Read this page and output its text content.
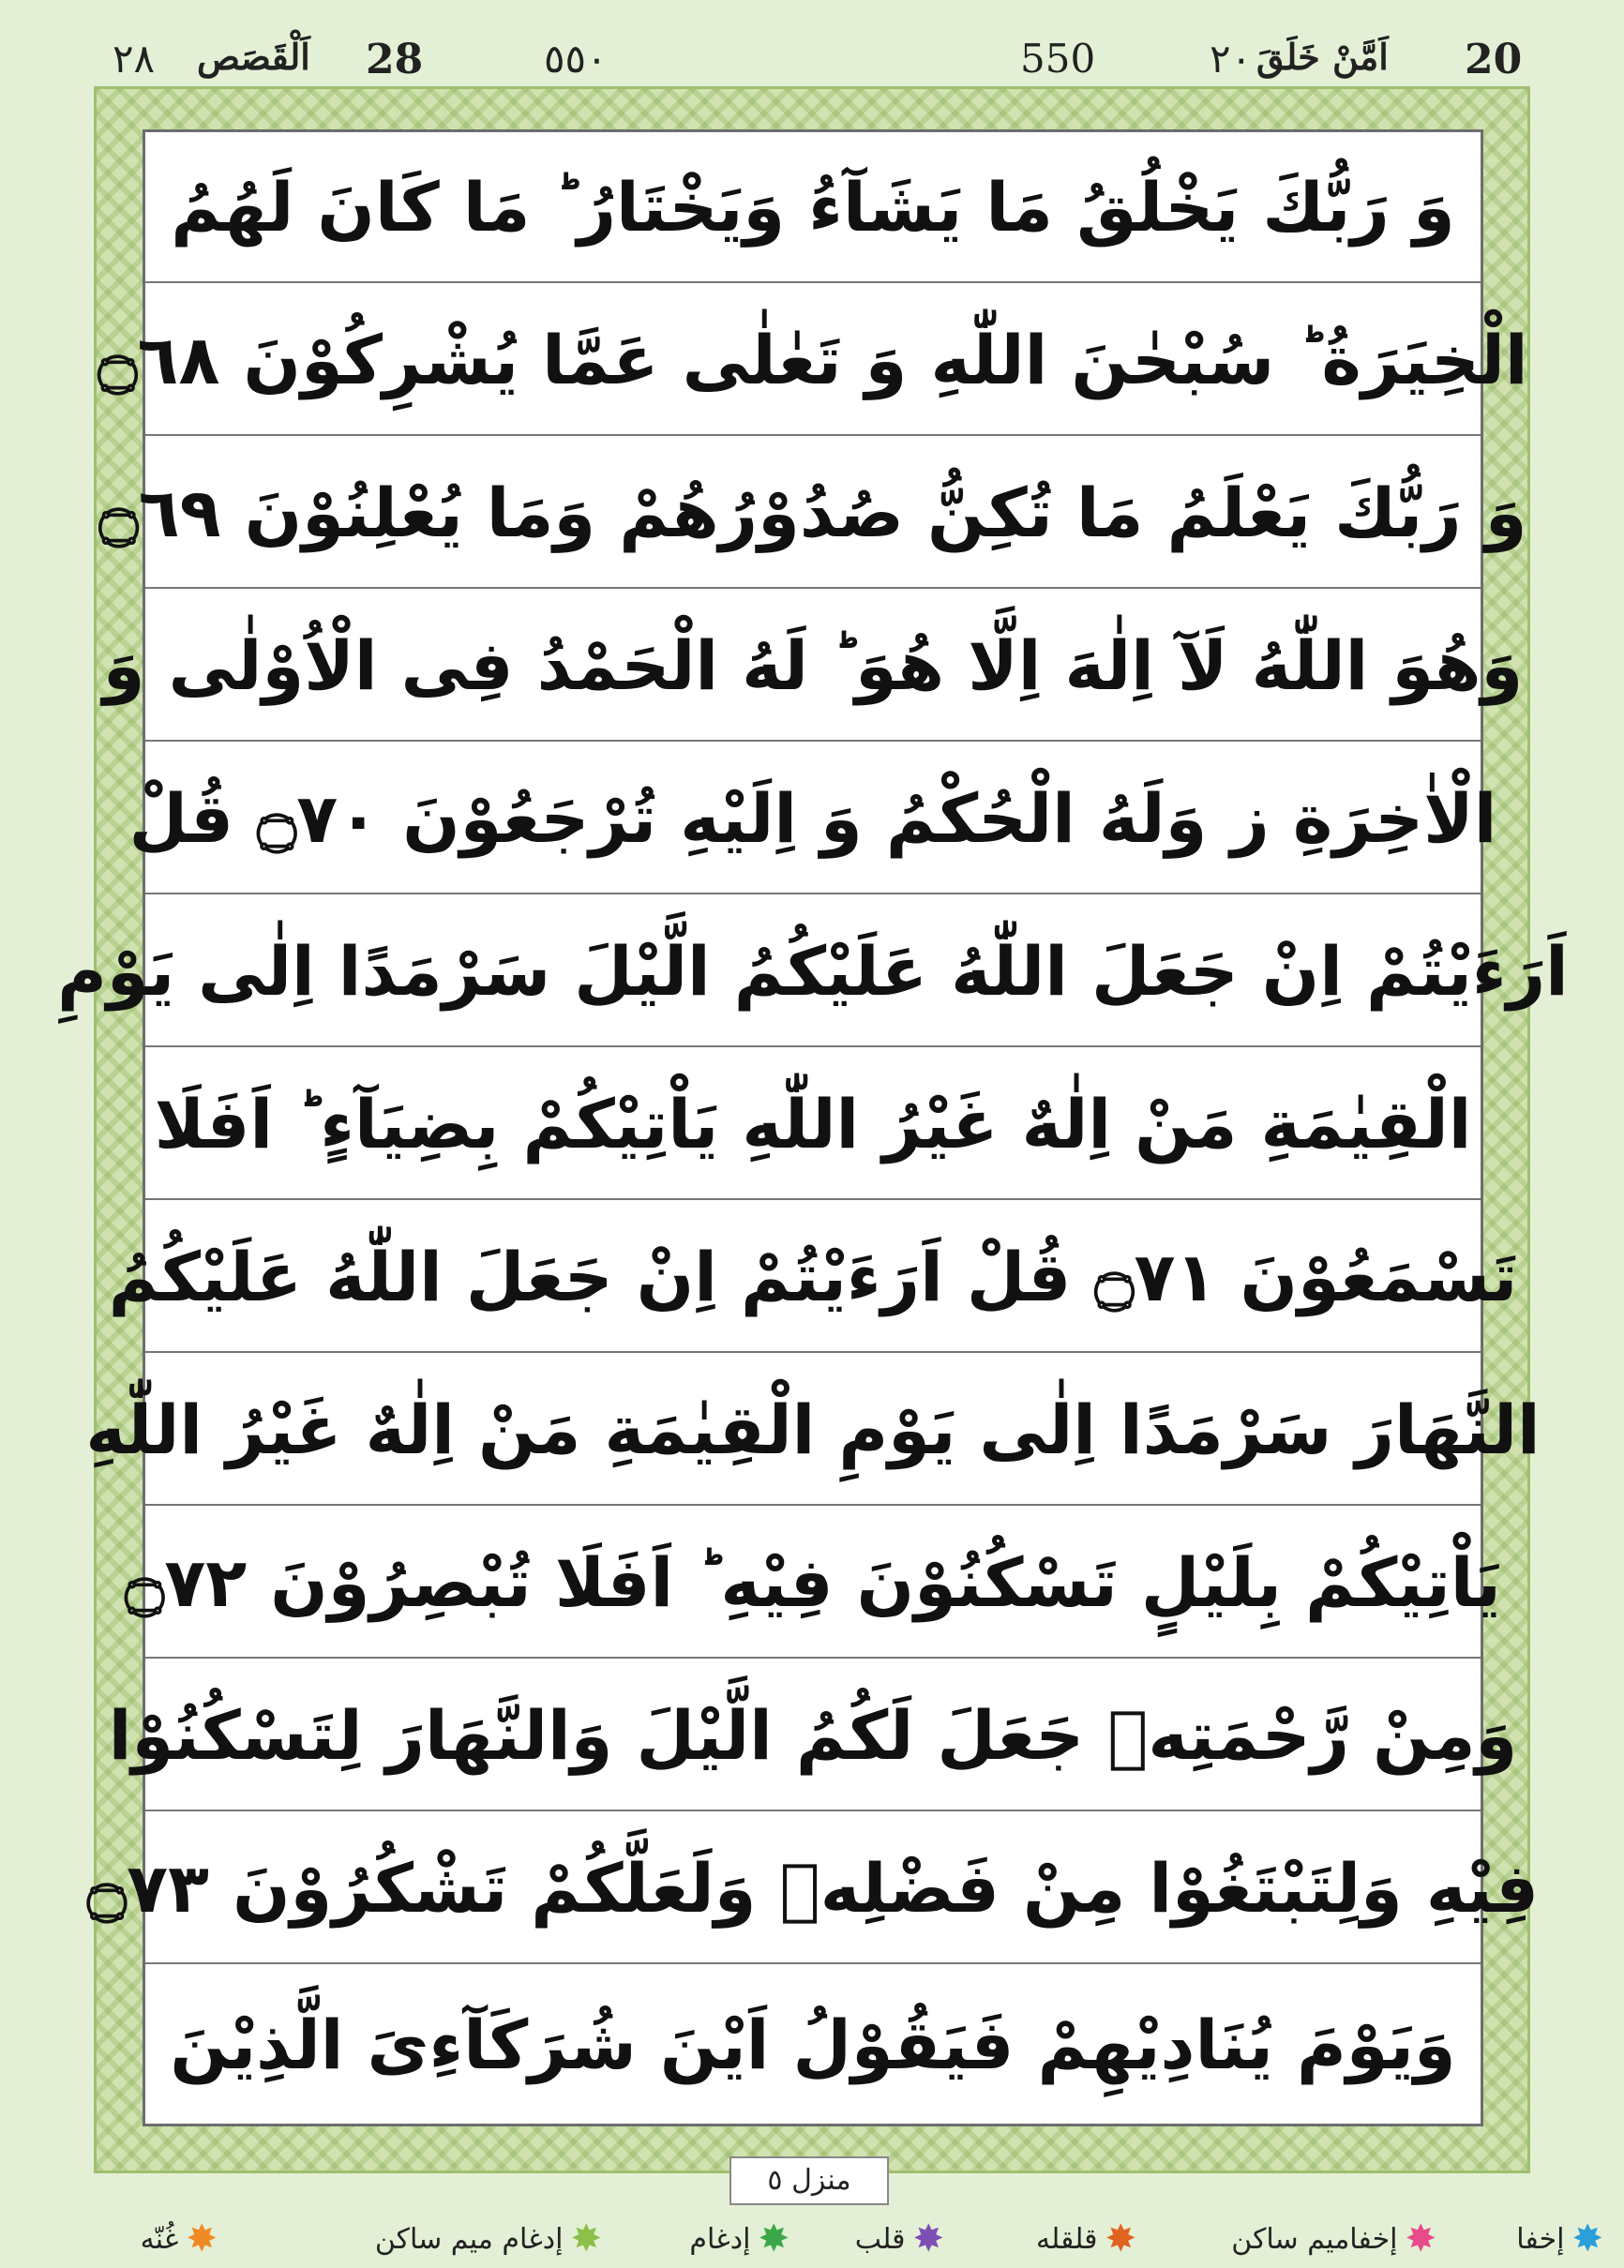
20
اَمَّنْ خَلَقَ
٢٠
550
٥٥٠
28
اَلْقَصَص
٢٨
وَ رَبُّكَ يَخْلُقُ مَا يَشَآءُ وَيَخْتَارُ ؕ مَا كَانَ لَهُمُ
الْخِيَرَةُ ؕ سُبْحٰنَ اللّٰهِ وَ تَعٰلٰى عَمَّا يُشْرِكُوْنَ ۝٦٨
وَ رَبُّكَ يَعْلَمُ مَا تُكِنُّ صُدُوْرُهُمْ وَمَا يُعْلِنُوْنَ ۝٦٩
وَهُوَ اللّٰهُ لَآ اِلٰهَ اِلَّا هُوَ ؕ لَهُ الْحَمْدُ فِى الْاُوْلٰى وَ
الْاٰخِرَةِ ز وَلَهُ الْحُكْمُ وَ اِلَيْهِ تُرْجَعُوْنَ ۝٧٠ قُلْ
اَرَءَيْتُمْ اِنْ جَعَلَ اللّٰهُ عَلَيْكُمُ الَّيْلَ سَرْمَدًا اِلٰى يَوْمِ
الْقِيٰمَةِ مَنْ اِلٰهٌ غَيْرُ اللّٰهِ يَاْتِيْكُمْ بِضِيَآءٍ ؕ اَفَلَا
تَسْمَعُوْنَ ۝٧١ قُلْ اَرَءَيْتُمْ اِنْ جَعَلَ اللّٰهُ عَلَيْكُمُ
النَّهَارَ سَرْمَدًا اِلٰى يَوْمِ الْقِيٰمَةِ مَنْ اِلٰهٌ غَيْرُ اللّٰهِ
يَاْتِيْكُمْ بِلَيْلٍ تَسْكُنُوْنَ فِيْهِ ؕ اَفَلَا تُبْصِرُوْنَ ۝٧٢
وَمِنْ رَّحْمَتِهٖ جَعَلَ لَكُمُ الَّيْلَ وَالنَّهَارَ لِتَسْكُنُوْا
فِيْهِ وَلِتَبْتَغُوْا مِنْ فَضْلِهٖ وَلَعَلَّكُمْ تَشْكُرُوْنَ ۝٧٣
وَيَوْمَ يُنَادِيْهِمْ فَيَقُوْلُ اَيْنَ شُرَكَآءِىَ الَّذِيْنَ
منزل ٥
✸
إخفا
✸
إخفاميم ساكن
✸
قلقله
✸
قلب
✸
إدغام
✸
إدغام ميم ساكن
✸
غُنّه
